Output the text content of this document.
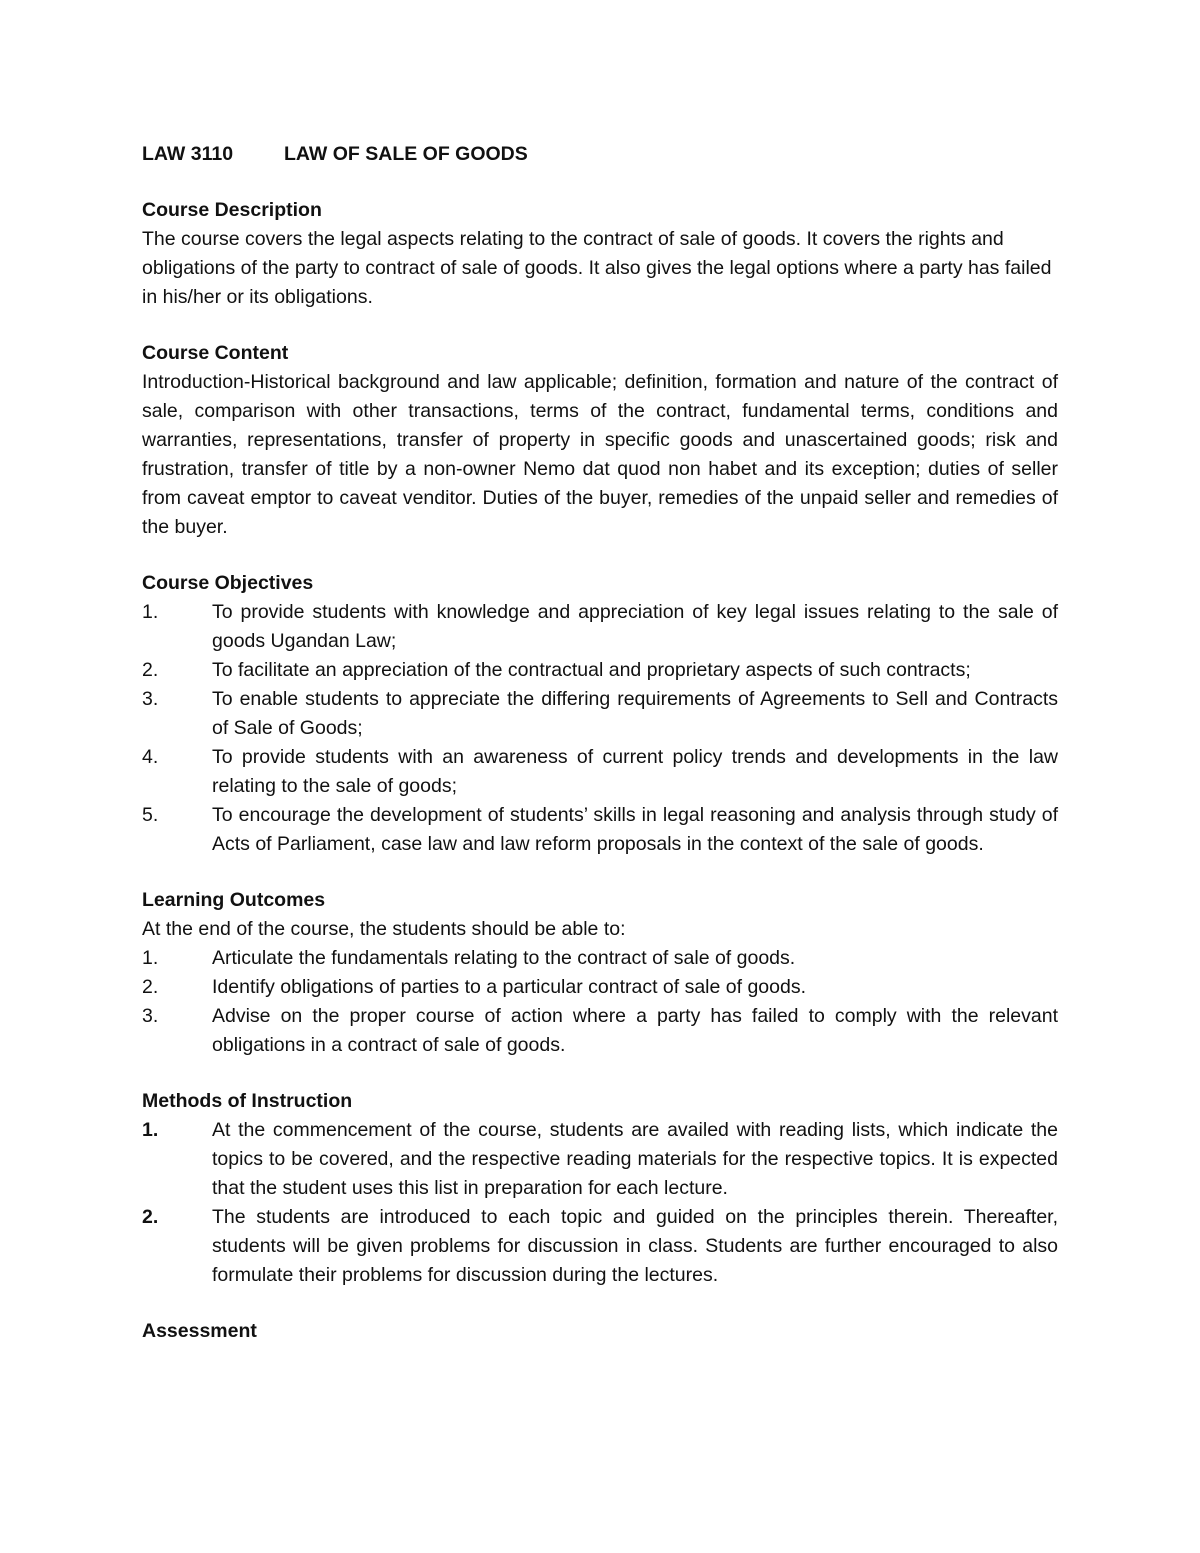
LAW 3110	LAW OF SALE OF GOODS
Course Description
The course covers the legal aspects relating to the contract of sale of goods. It covers the rights and obligations of the party to contract of sale of goods. It also gives the legal options where a party has failed in his/her or its obligations.
Course Content
Introduction-Historical background and law applicable; definition, formation and nature of the contract of sale, comparison with other transactions, terms of the contract, fundamental terms, conditions and warranties, representations, transfer of property in specific goods and unascertained goods; risk and frustration, transfer of title by a non-owner Nemo dat quod non habet and its exception; duties of seller from caveat emptor to caveat venditor. Duties of the buyer, remedies of the unpaid seller and remedies of the buyer.
Course Objectives
1.	To provide students with knowledge and appreciation of key legal issues relating to the sale of goods Ugandan Law;
2.	To facilitate an appreciation of the contractual and proprietary aspects of such contracts;
3.	To enable students to appreciate the differing requirements of Agreements to Sell and Contracts of Sale of Goods;
4.	To provide students with an awareness of current policy trends and developments in the law relating to the sale of goods;
5.	To encourage the development of students’ skills in legal reasoning and analysis through study of Acts of Parliament, case law and law reform proposals in the context of the sale of goods.
Learning Outcomes
At the end of the course, the students should be able to:
1.	Articulate the fundamentals relating to the contract of sale of goods.
2.	Identify obligations of parties to a particular contract of sale of goods.
3.	Advise on the proper course of action where a party has failed to comply with the relevant obligations in a contract of sale of goods.
Methods of Instruction
1.	At the commencement of the course, students are availed with reading lists, which indicate the topics to be covered, and the respective reading materials for the respective topics. It is expected that the student uses this list in preparation for each lecture.
2.	The students are introduced to each topic and guided on the principles therein. Thereafter, students will be given problems for discussion in class. Students are further encouraged to also formulate their problems for discussion during the lectures.
Assessment
